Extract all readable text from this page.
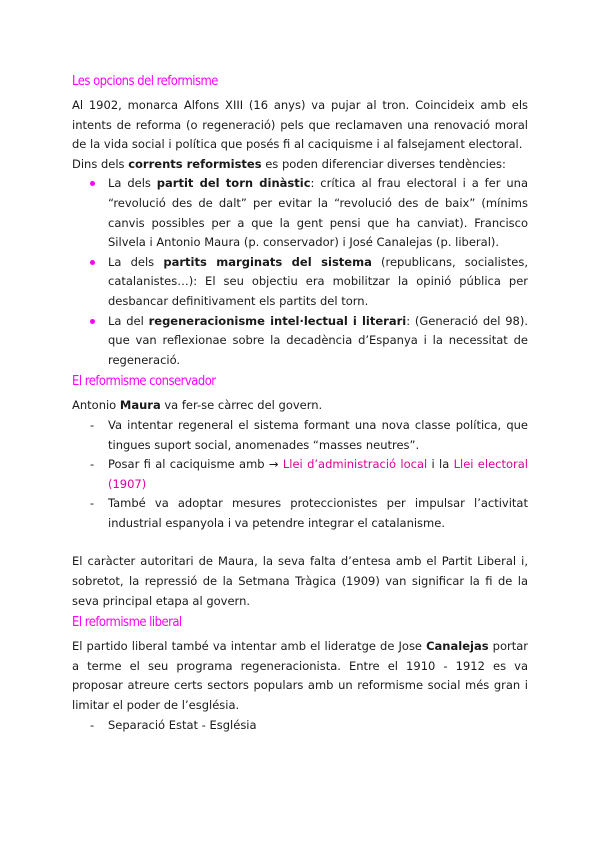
Les opcions del reformisme

Al 1902, monarca Alfons XIII (16 anys) va pujar al tron. Coincideix amb els intents de reforma (o regeneració) pels que reclamaven una renovació moral de la vida social i política que posés fi al caciquisme i al falsejament electoral.

Dins dels corrents reformistes es poden diferenciar diverses tendències:

La dels partit del torn dinàstic: crítica al frau electoral i a fer una “revolució des de dalt” per evitar la “revolució des de baix” (mínims canvis possibles per a que la gent pensi que ha canviat). Francisco Silvela i Antonio Maura (p. conservador) i José Canalejas (p. liberal).
La dels partits marginats del sistema (republicans, socialistes, catalanistes…): El seu objectiu era mobilitzar la opinió pública per desbancar definitivament els partits del torn.
La del regeneracionisme intel·lectual i literari: (Generació del 98). que van reflexionae sobre la decadència d’Espanya i la necessitat de regeneració.
El reformisme conservador

Antonio Maura va fer-se càrrec del govern.

- Va intentar regeneral el sistema formant una nova classe política, que tingues suport social, anomenades “masses neutres”.
- Posar fi al caciquisme amb → Llei d’administració local i la Llei electoral (1907)
- També va adoptar mesures proteccionistes per impulsar l’activitat industrial espanyola i va petendre integrar el catalanisme.

El caràcter autoritari de Maura, la seva falta d’entesa amb el Partit Liberal i, sobretot, la repressió de la Setmana Tràgica (1909) van significar la fi de la seva principal etapa al govern.

El reformisme liberal

El partido liberal també va intentar amb el lideratge de Jose Canalejas portar a terme el seu programa regeneracionista. Entre el 1910 - 1912 es va proposar atreure certs sectors populars amb un reformisme social més gran i limitar el poder de l’església.

- Separació Estat - Església
